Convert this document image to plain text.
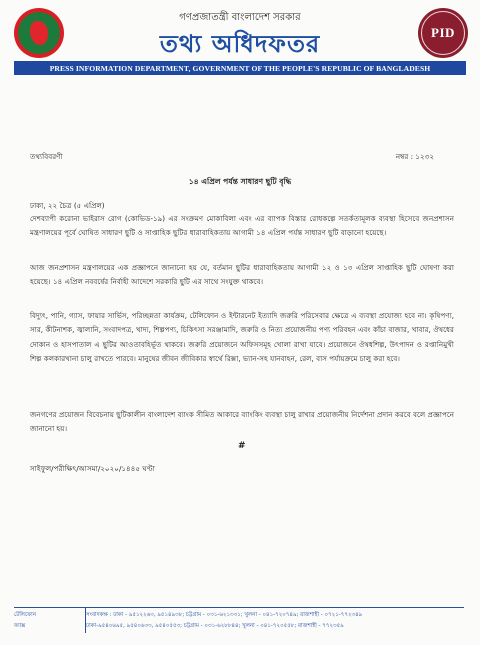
গণপ্রজাতন্ত্রী বাংলাদেশ সরকার
তথ্য অধিদফতর	PID
PRESS INFORMATION DEPARTMENT, GOVERNMENT OF THE PEOPLE'S REPUBLIC OF BANGLADESH
তথ্যবিবরণী	নম্বর : ১২৩২
১৪ এপ্রিল পর্যন্ত সাধারণ ছুটি বৃদ্ধি
ঢাকা, ২২ চৈত্র (৫ এপ্রিল)
দেশব্যাপী করোনা ভাইরাস রোগ (কোভিড-১৯) এর সংক্রমণ মোকাবিলা এবং এর ব্যাপক বিস্তার রোধকল্পে সতর্কতামূলক ব্যবস্থা হিসেবে জনপ্রশাসন মন্ত্রণালয়ের পূর্বে ঘোষিত সাধারণ ছুটি ও সাপ্তাহিক ছুটির ধারাবাহিকতায় আগামী ১৪ এপ্রিল পর্যন্ত সাধারণ ছুটি বাড়ানো হয়েছে।
আজ জনপ্রশাসন মন্ত্রণালয়ের এক প্রজ্ঞাপনে জানানো হয় যে, বর্তমান ছুটির ধারাবাহিকতায় আগামী ১২ ও ১৩ এপ্রিল সাপ্তাহিক ছুটি ঘোষণা করা হয়েছে। ১৪ এপ্রিল নববর্ষের নির্বাহী আদেশে সরকারি ছুটি এর সাথে সংযুক্ত থাকবে।
বিদ্যুৎ, পানি, গ্যাস, ফায়ার সার্ভিস, পরিচ্ছন্নতা কার্যক্রম, টেলিফোন ও ইন্টারনেট ইত্যাদি জরুরি পরিসেবার ক্ষেত্রে এ ব্যবস্থা প্রযোজ্য হবে না। কৃষিপণ্য, সার, কীটনাশক, জ্বালানি, সংবাদপত্র, খাদ্য, শিল্পপণ্য, চিকিৎসা সরঞ্জামাদি, জরুরি ও নিত্য প্রয়োজনীয় পণ্য পরিবহন এবং কাঁচা বাজার, খাবার, ঔষধের দোকান ও হাসপাতাল এ ছুটির আওতাবহির্ভূত থাকবে। জরুরি প্রয়োজনে অফিসসমূহ খোলা রাখা যাবে। প্রয়োজনে ঔষধশিল্প, উৎপাদন ও রপ্তানিমুখী শিল্প কলকারখানা চালু রাখতে পারবে। মানুষের জীবন জীবিকার স্বার্থে রিক্সা, ভ্যান-সহ যানবাহন, রেল, বাস পর্যায়ক্রমে চালু করা হবে।
জনগণের প্রয়োজন বিবেচনায় ছুটিকালীন বাংলাদেশ ব্যাংক সীমিত আকারে ব্যাংকিং ব্যবস্থা চালু রাখার প্রয়োজনীয় নির্দেশনা প্রদান করবে বলে প্রজ্ঞাপনে জানানো হয়।
#
সাইফুল/পরীক্ষিৎ/আসমা/২০২০/১৪৪৫ ঘণ্টা
টেলিফোন	সংবাদকক্ষ : ঢাকা - ৯৫১২২৬৩, ৯৫১৪৯৩৮; চট্টগ্রাম - ০৩১-৬২১৩৩১; খুলনা - ০৪১-৭২০৭৪৯; রাজশাহী - ০৭২১-৭৭২৩৪৯
ফ্যাক্স	ঢাকা-৯৫৪০৬৯৫, ৯৫৪০৬৩৩, ৯৫৪০৫৫৩; চট্টগ্রাম - ০৩১-৬২৮৮৪৪; খুলনা - ০৪১-৭২০৫৫৮; রাজশাহী - ৭৭২৩৫৯
